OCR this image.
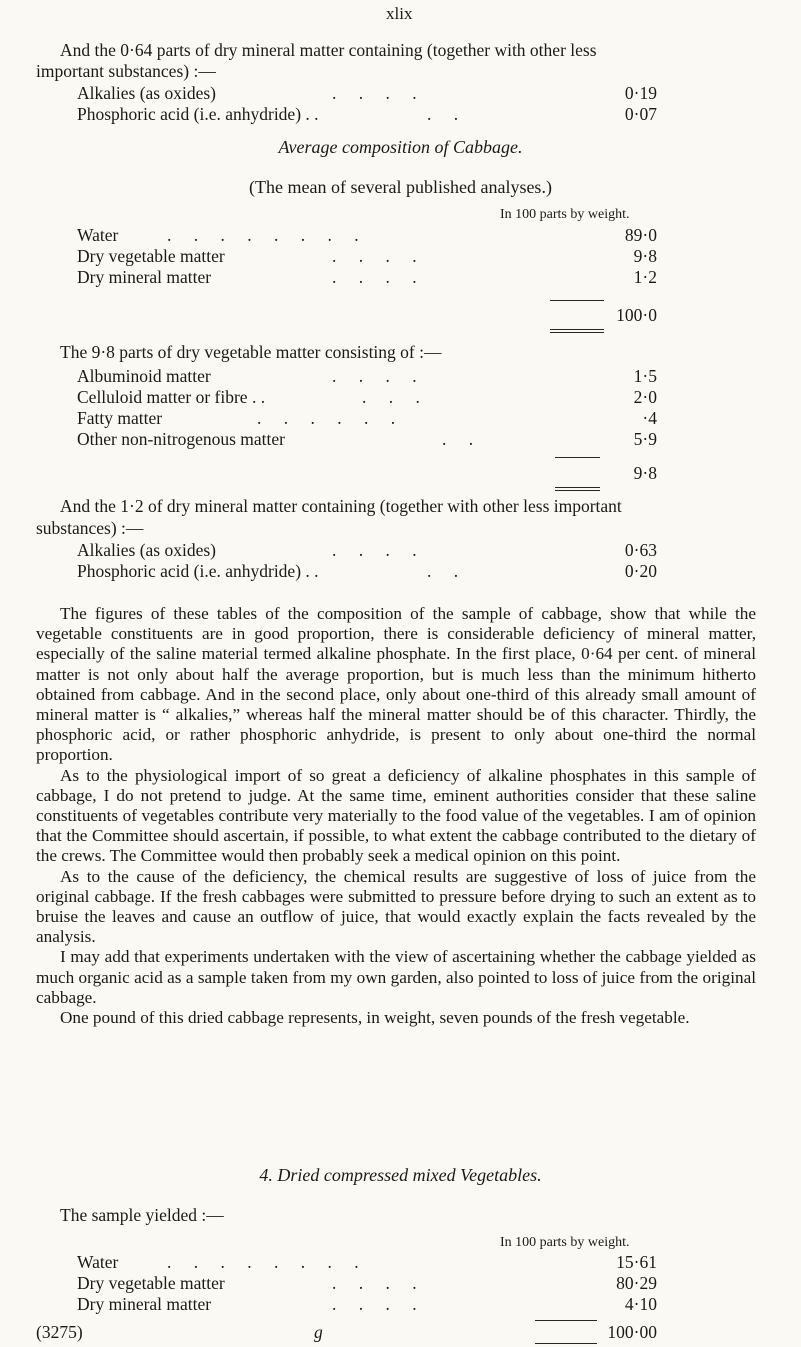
xlix
And the 0·64 parts of dry mineral matter containing (together with other less
important substances) :—
Alkalies (as oxides)	. . . .	0·19
Phosphoric acid (i.e. anhydride) . .	. .	0·07
Average composition of Cabbage.
(The mean of several published analyses.)
In 100 parts by weight.
Water	. . . . . . . .	89·0
Dry vegetable matter	. . . .	9·8
Dry mineral matter	. . . .	1·2
100·0
The 9·8 parts of dry vegetable matter consisting of :—
Albuminoid matter	. . . .	1·5
Celluloid matter or fibre . .	. . .	2·0
Fatty matter	. . . . . .	·4
Other non-nitrogenous matter	. .	5·9
9·8
And the 1·2 of dry mineral matter containing (together with other less important
substances) :—
Alkalies (as oxides)	. . . .	0·63
Phosphoric acid (i.e. anhydride) . .	. .	0·20

The figures of these tables of the composition of the sample of cabbage, show that while the vegetable constituents are in good proportion, there is considerable deficiency of mineral matter, especially of the saline material termed alkaline phosphate. In the first place, 0·64 per cent. of mineral matter is not only about half the average proportion, but is much less than the minimum hitherto obtained from cabbage. And in the second place, only about one-third of this already small amount of mineral matter is “ alkalies,” whereas half the mineral matter should be of this character. Thirdly, the phosphoric acid, or rather phosphoric anhydride, is present to only about one-third the normal proportion.

As to the physiological import of so great a deficiency of alkaline phosphates in this sample of cabbage, I do not pretend to judge. At the same time, eminent authorities consider that these saline constituents of vegetables contribute very materially to the food value of the vegetables. I am of opinion that the Committee should ascertain, if possible, to what extent the cabbage contributed to the dietary of the crews. The Committee would then probably seek a medical opinion on this point.

As to the cause of the deficiency, the chemical results are suggestive of loss of juice from the original cabbage. If the fresh cabbages were submitted to pressure before drying to such an extent as to bruise the leaves and cause an outflow of juice, that would exactly explain the facts revealed by the analysis.

I may add that experiments undertaken with the view of ascertaining whether the cabbage yielded as much organic acid as a sample taken from my own garden, also pointed to loss of juice from the original cabbage.

One pound of this dried cabbage represents, in weight, seven pounds of the fresh vegetable.

4. Dried compressed mixed Vegetables.
The sample yielded :—
In 100 parts by weight.
Water	. . . . . . . .	15·61
Dry vegetable matter	. . . .	80·29
Dry mineral matter	. . . .	4·10
(3275)	g	100·00
